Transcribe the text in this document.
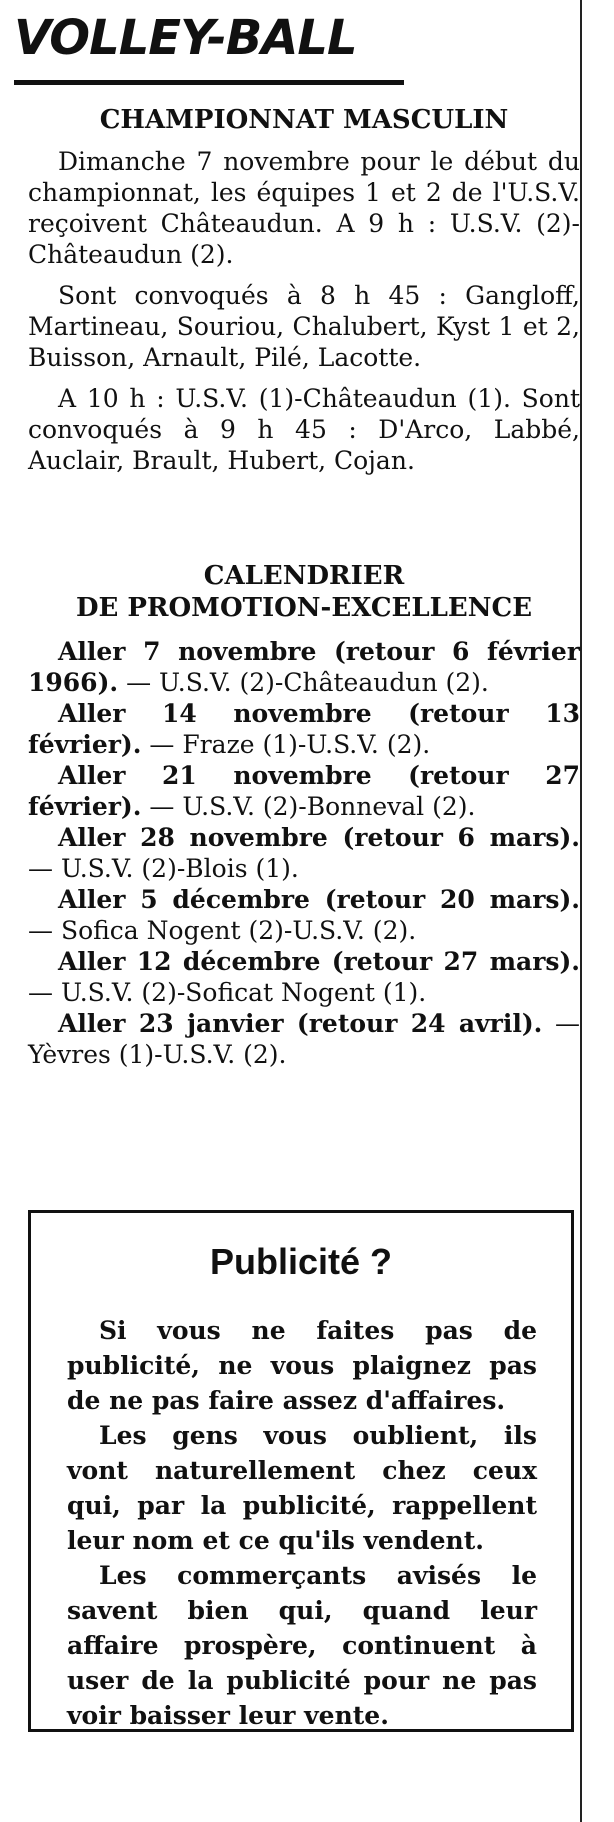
VOLLEY-BALL

CHAMPIONNAT MASCULIN

Dimanche 7 novembre pour le début du championnat, les équipes 1 et 2 de l'U.S.V. reçoivent Châteaudun. A 9 h : U.S.V. (2)-Châteaudun (2).

Sont convoqués à 8 h 45 : Gangloff, Martineau, Souriou, Chalubert, Kyst 1 et 2, Buisson, Arnault, Pilé, Lacotte.

A 10 h : U.S.V. (1)-Châteaudun (1). Sont convoqués à 9 h 45 : D'Arco, Labbé, Auclair, Brault, Hubert, Cojan.

CALENDRIER

DE PROMOTION-EXCELLENCE

Aller 7 novembre (retour 6 février 1966). — U.S.V. (2)-Châteaudun (2).

Aller 14 novembre (retour 13 février). — Fraze (1)-U.S.V. (2).

Aller 21 novembre (retour 27 février). — U.S.V. (2)-Bonneval (2).

Aller 28 novembre (retour 6 mars). — U.S.V. (2)-Blois (1).

Aller 5 décembre (retour 20 mars). — Sofica Nogent (2)-U.S.V. (2).

Aller 12 décembre (retour 27 mars). — U.S.V. (2)-Soficat Nogent (1).

Aller 23 janvier (retour 24 avril). — Yèvres (1)-U.S.V. (2).

Publicité ?

Si vous ne faites pas de publicité, ne vous plaignez pas de ne pas faire assez d'affaires.

Les gens vous oublient, ils vont naturellement chez ceux qui, par la publicité, rappellent leur nom et ce qu'ils vendent.

Les commerçants avisés le savent bien qui, quand leur affaire prospère, continuent à user de la publicité pour ne pas voir baisser leur vente.
